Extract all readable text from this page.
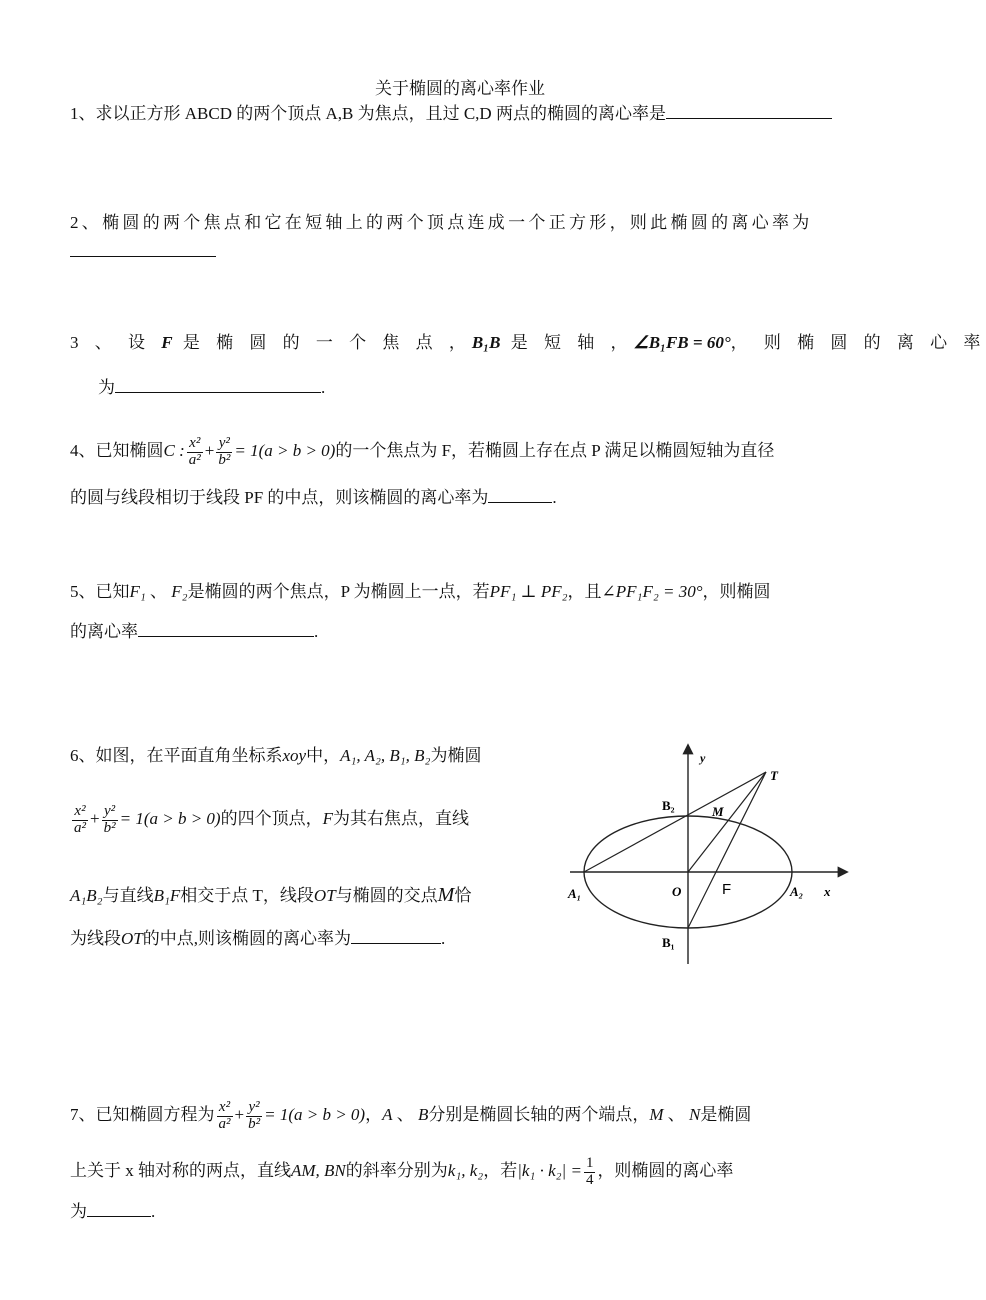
关于椭圆的离心率作业
1、求以正方形 ABCD 的两个顶点 A,B 为焦点，且过 C,D 两点的椭圆的离心率是
2、椭圆的两个焦点和它在短轴上的两个顶点连成一个正方形，则此椭圆的离心率为
3 、 设 F 是 椭 圆 的 一 个 焦 点 ，B₁B 是 短 轴 ，∠B₁FB = 60°， 则 椭 圆 的 离 心 率
为	.
4、已知椭圆C : $\frac{\text{x²}}{\text{a²}} + \frac{\text{y²}}{\text{b²}} = 1(a > b > 0)$的一个焦点为 F，若椭圆上存在点 P 满足以椭圆短轴为直径
的圆与线段相切于线段 PF 的中点，则该椭圆的离心率为	.
5、已知F₁ 、 F₂是椭圆的两个焦点，P 为椭圆上一点，若PF₁ ⊥ PF₂，且∠PF₁F₂ = 30°，则椭圆
的离心率	.
6、如图，在平面直角坐标系xoy中，A₁, A₂, B₁, B₂为椭圆
$\frac{\text{x²}}{\text{a²}} + \frac{\text{y²}}{\text{b²}} = 1(a > b > 0)$的四个顶点，F为其右焦点，直线
A₁B₂与直线B₁F相交于点 T，线段OT与椭圆的交点M恰
为线段OT的中点,则该椭圆的离心率为	.
y
x
T
M
B₂
B₁
A₁	A₂
O	F
7、已知椭圆方程为 $\frac{\text{x²}}{\text{a²}} + \frac{\text{y²}}{\text{b²}} = 1(a > b > 0)$，A 、 B分别是椭圆长轴的两个端点，M 、 N是椭圆
上关于 x 轴对称的两点，直线AM, BN的斜率分别为k₁, k₂，若$|k_1 \cdot k_2| = \frac{1}{4}$ ，则椭圆的离心率
为	.
